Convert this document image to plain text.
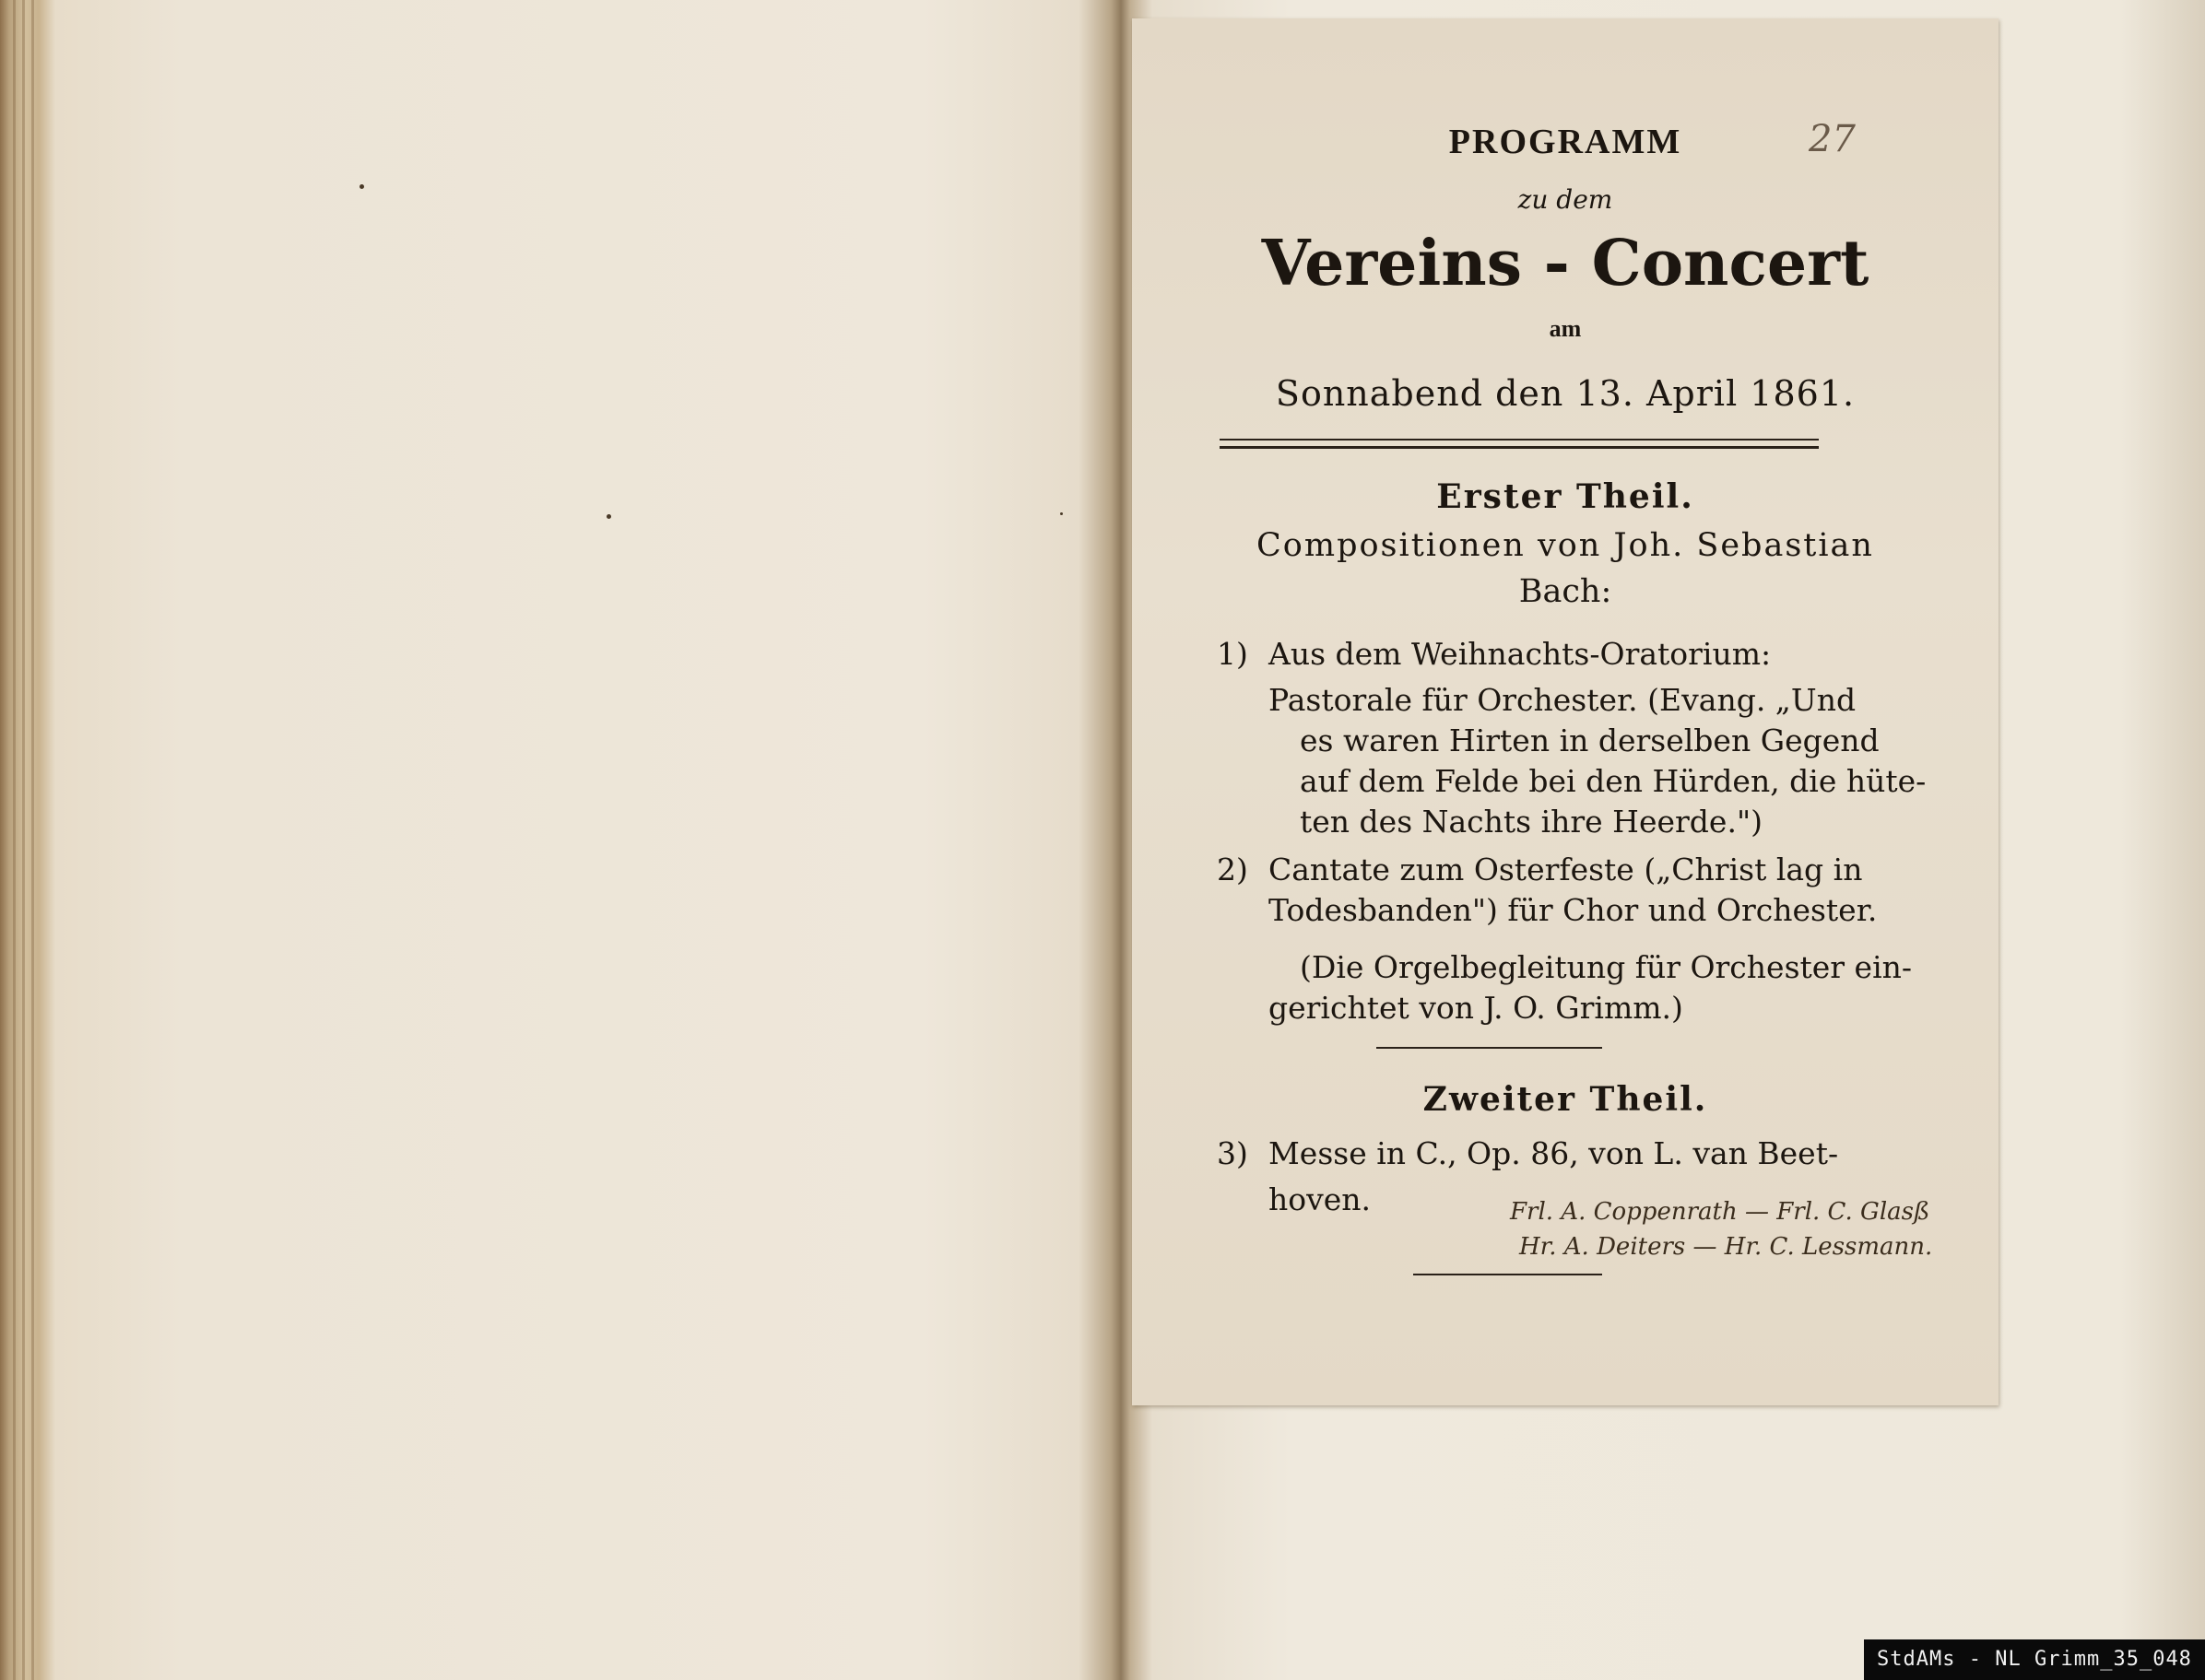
PROGRAMM
zu dem
Vereins - Concert
am
Sonnabend den 13. April 1861.
Erster Theil.
Compositionen von Joh. Sebastian
Bach:
1) Aus dem Weihnachts-Oratorium:
Pastorale für Orchester. (Evang. „Und
es waren Hirten in derselben Gegend
auf dem Felde bei den Hürden, die hüte-
ten des Nachts ihre Heerde.")
2) Cantate zum Osterfeste („Christ lag in
Todesbanden") für Chor und Orchester.
(Die Orgelbegleitung für Orchester ein-
gerichtet von J. O. Grimm.)
Zweiter Theil.
3) Messe in C., Op. 86, von L. van Beet-
hoven.	Frl. A. Coppenrath — Frl. C. Glasß
Hr. A. Deiters — Hr. C. Lessmann.
27
StdAMs - NL Grimm_35_048
